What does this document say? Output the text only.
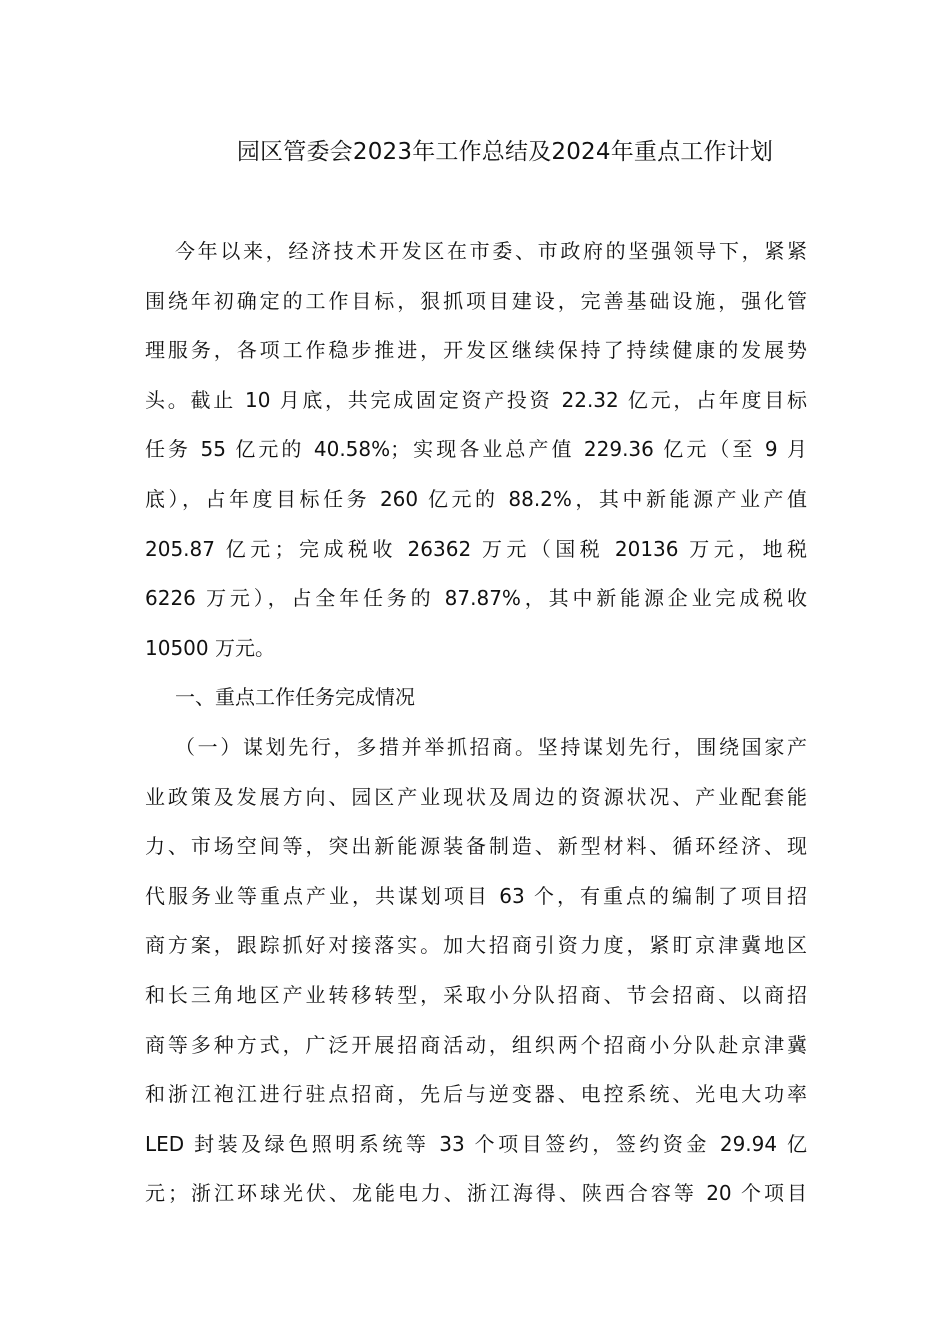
园区管委会2023年工作总结及2024年重点工作计划
今年以来，经济技术开发区在市委、市政府的坚强领导下，紧紧
围绕年初确定的工作目标，狠抓项目建设，完善基础设施，强化管
理服务，各项工作稳步推进，开发区继续保持了持续健康的发展势
头。截止 10 月底，共完成固定资产投资 22.32 亿元，占年度目标
任务 55 亿元的 40.58%；实现各业总产值 229.36 亿元（至 9 月
底），占年度目标任务 260 亿元的 88.2%，其中新能源产业产值
205.87 亿元；完成税收 26362 万元（国税 20136 万元，地税
6226 万元），占全年任务的 87.87%，其中新能源企业完成税收
10500 万元。
一、重点工作任务完成情况
（一）谋划先行，多措并举抓招商。坚持谋划先行，围绕国家产
业政策及发展方向、园区产业现状及周边的资源状况、产业配套能
力、市场空间等，突出新能源装备制造、新型材料、循环经济、现
代服务业等重点产业，共谋划项目 63 个，有重点的编制了项目招
商方案，跟踪抓好对接落实。加大招商引资力度，紧盯京津冀地区
和长三角地区产业转移转型，采取小分队招商、节会招商、以商招
商等多种方式，广泛开展招商活动，组织两个招商小分队赴京津冀
和浙江袍江进行驻点招商，先后与逆变器、电控系统、光电大功率
LED 封装及绿色照明系统等 33 个项目签约，签约资金 29.94 亿
元；浙江环球光伏、龙能电力、浙江海得、陕西合容等 20 个项目
